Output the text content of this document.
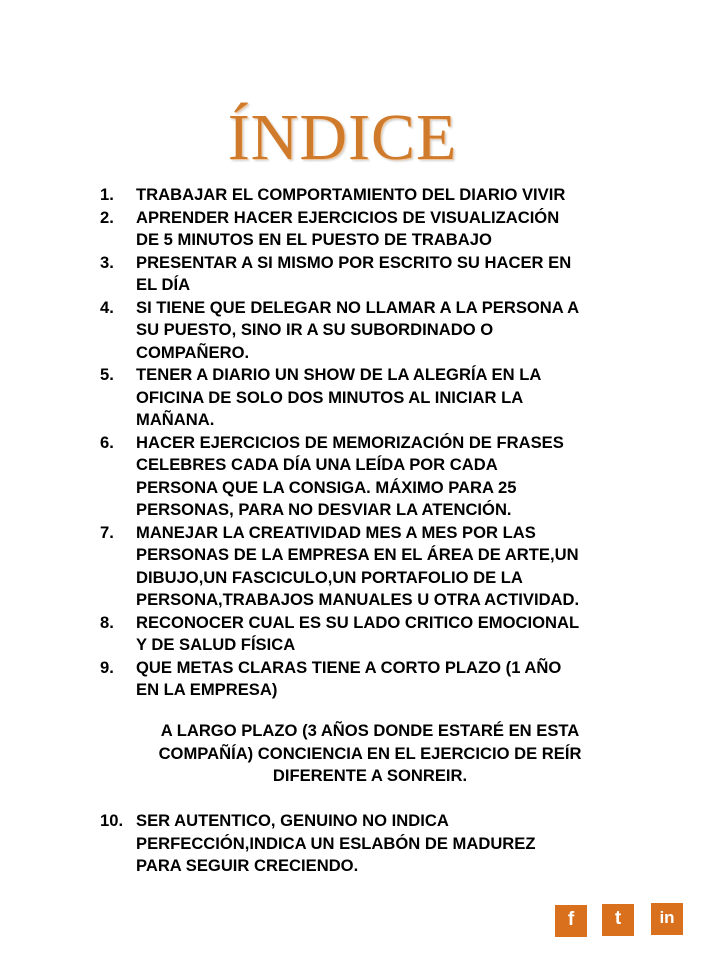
ÍNDICE
1.	TRABAJAR EL COMPORTAMIENTO DEL DIARIO VIVIR
2.	APRENDER HACER EJERCICIOS DE VISUALIZACIÓN
DE 5 MINUTOS EN EL PUESTO DE TRABAJO
3.	PRESENTAR A SI MISMO POR ESCRITO SU HACER EN
EL DÍA
4.	SI TIENE QUE DELEGAR NO LLAMAR A LA PERSONA A
SU PUESTO, SINO IR A SU SUBORDINADO O
COMPAÑERO.
5.	TENER A DIARIO UN SHOW DE LA ALEGRÍA EN LA
OFICINA DE SOLO DOS MINUTOS AL INICIAR LA
MAÑANA.
6.	HACER EJERCICIOS DE MEMORIZACIÓN DE FRASES
CELEBRES CADA DÍA UNA LEÍDA POR CADA
PERSONA QUE LA CONSIGA. MÁXIMO PARA 25
PERSONAS, PARA NO DESVIAR LA ATENCIÓN.
7.	MANEJAR LA CREATIVIDAD MES A MES POR LAS
PERSONAS DE LA EMPRESA EN EL ÁREA DE ARTE,UN
DIBUJO,UN FASCICULO,UN PORTAFOLIO DE LA
PERSONA,TRABAJOS MANUALES U OTRA ACTIVIDAD.
8.	RECONOCER CUAL ES SU LADO CRITICO EMOCIONAL
Y DE SALUD FÍSICA
9.	QUE METAS CLARAS TIENE A CORTO PLAZO (1 AÑO
EN LA EMPRESA)
A LARGO PLAZO (3 AÑOS DONDE ESTARÉ EN ESTA
COMPAÑÍA) CONCIENCIA EN EL EJERCICIO DE REÍR
DIFERENTE A SONREIR.
10. SER AUTENTICO, GENUINO NO INDICA
PERFECCIÓN,INDICA UN ESLABÓN DE MADUREZ
PARA SEGUIR CRECIENDO.
f	t	in
